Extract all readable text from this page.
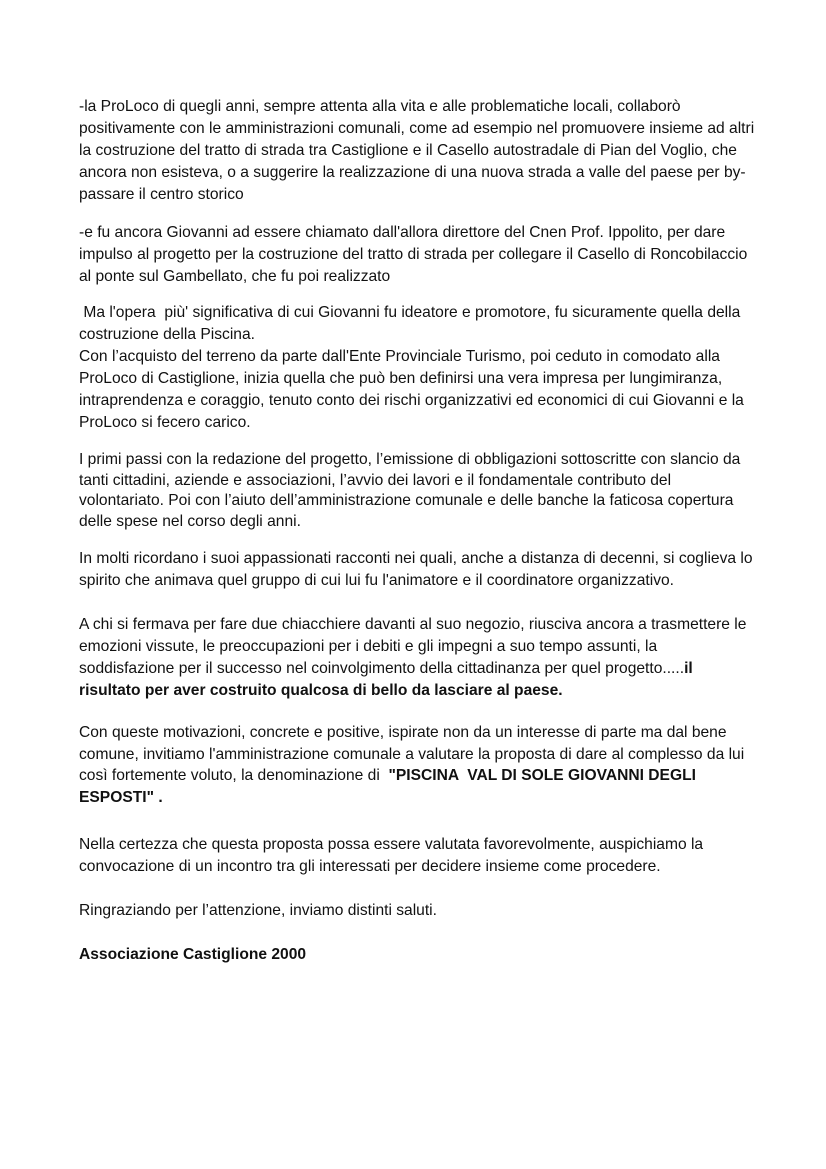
-la ProLoco di quegli anni, sempre attenta alla vita e alle problematiche locali, collaborò positivamente con le amministrazioni comunali, come ad esempio nel promuovere insieme ad altri la costruzione del tratto di strada tra Castiglione e il Casello autostradale di Pian del Voglio, che ancora non esisteva, o a suggerire la realizzazione di una nuova strada a valle del paese per by-passare il centro storico

-e fu ancora Giovanni ad essere chiamato dall'allora direttore del Cnen Prof. Ippolito, per dare impulso al progetto per la costruzione del tratto di strada per collegare il Casello di Roncobilaccio al ponte sul Gambellato, che fu poi realizzato

Ma l'opera  più' significativa di cui Giovanni fu ideatore e promotore, fu sicuramente quella della costruzione della Piscina.

Con l’acquisto del terreno da parte dall'Ente Provinciale Turismo, poi ceduto in comodato alla ProLoco di Castiglione, inizia quella che può ben definirsi una vera impresa per lungimiranza, intraprendenza e coraggio, tenuto conto dei rischi organizzativi ed economici di cui Giovanni e la ProLoco si fecero carico.

I primi passi con la redazione del progetto, l’emissione di obbligazioni sottoscritte con slancio da tanti cittadini, aziende e associazioni, l’avvio dei lavori e il fondamentale contributo del volontariato. Poi con l’aiuto dell’amministrazione comunale e delle banche la faticosa copertura delle spese nel corso degli anni.

In molti ricordano i suoi appassionati racconti nei quali, anche a distanza di decenni, si coglieva lo spirito che animava quel gruppo di cui lui fu l'animatore e il coordinatore organizzativo.

A chi si fermava per fare due chiacchiere davanti al suo negozio, riusciva ancora a trasmettere le emozioni vissute, le preoccupazioni per i debiti e gli impegni a suo tempo assunti, la soddisfazione per il successo nel coinvolgimento della cittadinanza per quel progetto.....il risultato per aver costruito qualcosa di bello da lasciare al paese.

Con queste motivazioni, concrete e positive, ispirate non da un interesse di parte ma dal bene comune, invitiamo l'amministrazione comunale a valutare la proposta di dare al complesso da lui così fortemente voluto, la denominazione di  "PISCINA  VAL DI SOLE GIOVANNI DEGLI ESPOSTI" .

Nella certezza che questa proposta possa essere valutata favorevolmente, auspichiamo la convocazione di un incontro tra gli interessati per decidere insieme come procedere.

Ringraziando per l’attenzione, inviamo distinti saluti.

Associazione Castiglione 2000
